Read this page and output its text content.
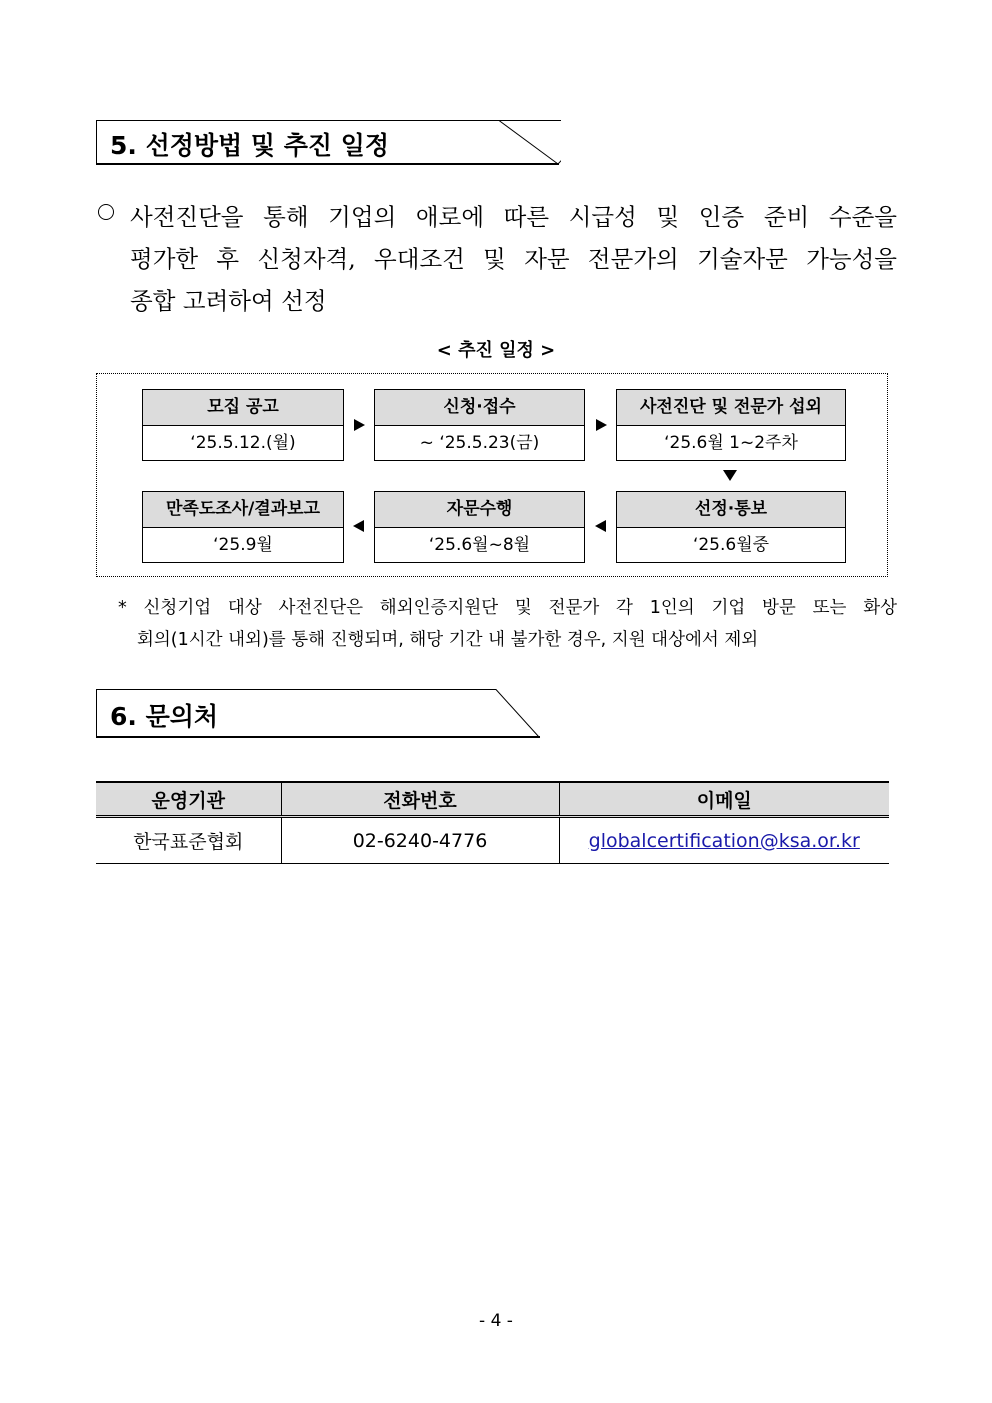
5. 선정방법 및 추진 일정
사전진단을 통해 기업의 애로에 따른 시급성 및 인증 준비 수준을
평가한 후 신청자격, 우대조건 및 자문 전문가의 기술자문 가능성을
종합 고려하여 선정
< 추진 일정 >
모집 공고
‘25.5.12.(월)
신청·접수
~ ‘25.5.23(금)
사전진단 및 전문가 섭외
‘25.6월 1~2주차
만족도조사/결과보고
‘25.9월
자문수행
‘25.6월~8월
선정·통보
‘25.6월중
* 신청기업 대상 사전진단은 해외인증지원단 및 전문가 각 1인의 기업 방문 또는 화상
회의(1시간 내외)를 통해 진행되며, 해당 기간 내 불가한 경우, 지원 대상에서 제외
6. 문의처
운영기관	전화번호	이메일
한국표준협회	02-6240-4776	globalcertification@ksa.or.kr
- 4 -
